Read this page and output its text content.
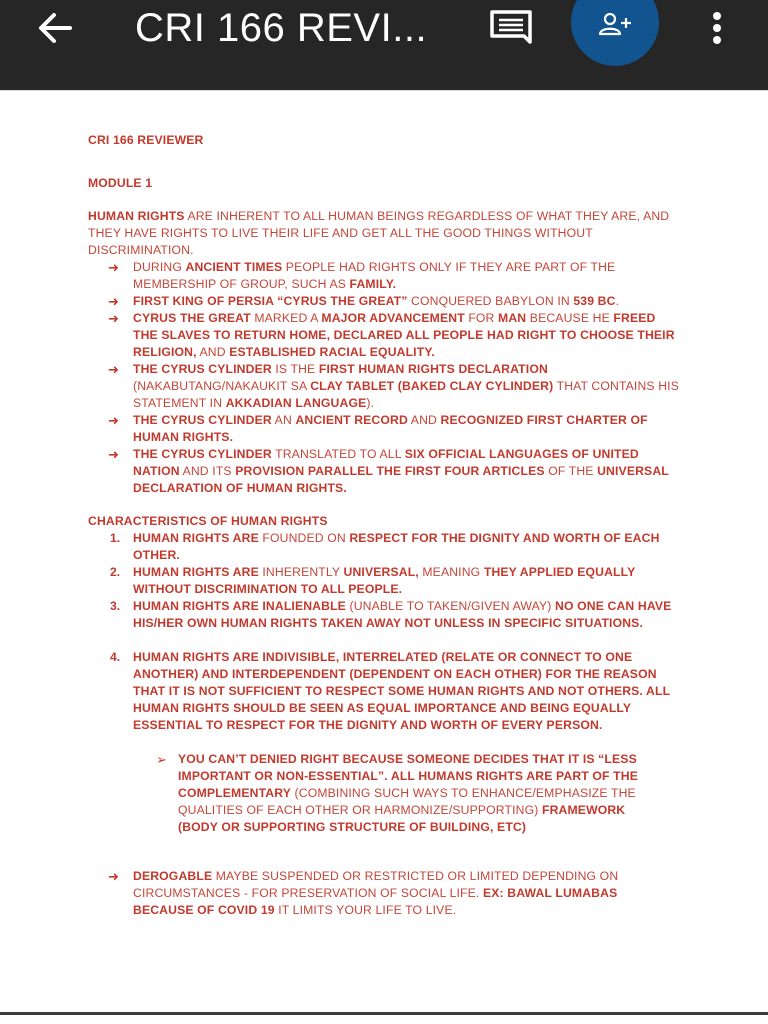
CRI 166 REVI...
CRI 166 REVIEWER
MODULE 1

HUMAN RIGHTS ARE INHERENT TO ALL HUMAN BEINGS REGARDLESS OF WHAT THEY ARE, AND THEY HAVE RIGHTS TO LIVE THEIR LIFE AND GET ALL THE GOOD THINGS WITHOUT DISCRIMINATION.

➜ DURING ANCIENT TIMES PEOPLE HAD RIGHTS ONLY IF THEY ARE PART OF THE MEMBERSHIP OF GROUP, SUCH AS FAMILY.

➜ FIRST KING OF PERSIA “CYRUS THE GREAT” CONQUERED BABYLON IN 539 BC.

➜ CYRUS THE GREAT MARKED A MAJOR ADVANCEMENT FOR MAN BECAUSE HE FREED THE SLAVES TO RETURN HOME, DECLARED ALL PEOPLE HAD RIGHT TO CHOOSE THEIR RELIGION, AND ESTABLISHED RACIAL EQUALITY.

➜ THE CYRUS CYLINDER IS THE FIRST HUMAN RIGHTS DECLARATION (NAKABUTANG/NAKAUKIT SA CLAY TABLET (BAKED CLAY CYLINDER) THAT CONTAINS HIS STATEMENT IN AKKADIAN LANGUAGE).

➜ THE CYRUS CYLINDER AN ANCIENT RECORD AND RECOGNIZED FIRST CHARTER OF HUMAN RIGHTS.

➜ THE CYRUS CYLINDER TRANSLATED TO ALL SIX OFFICIAL LANGUAGES OF UNITED NATION AND ITS PROVISION PARALLEL THE FIRST FOUR ARTICLES OF THE UNIVERSAL DECLARATION OF HUMAN RIGHTS.

CHARACTERISTICS OF HUMAN RIGHTS
1. HUMAN RIGHTS ARE FOUNDED ON RESPECT FOR THE DIGNITY AND WORTH OF EACH OTHER.

2. HUMAN RIGHTS ARE INHERENTLY UNIVERSAL, MEANING THEY APPLIED EQUALLY WITHOUT DISCRIMINATION TO ALL PEOPLE.

3. HUMAN RIGHTS ARE INALIENABLE (UNABLE TO TAKEN/GIVEN AWAY) NO ONE CAN HAVE HIS/HER OWN HUMAN RIGHTS TAKEN AWAY NOT UNLESS IN SPECIFIC SITUATIONS.

4. HUMAN RIGHTS ARE INDIVISIBLE, INTERRELATED (RELATE OR CONNECT TO ONE ANOTHER) AND INTERDEPENDENT (DEPENDENT ON EACH OTHER) FOR THE REASON THAT IT IS NOT SUFFICIENT TO RESPECT SOME HUMAN RIGHTS AND NOT OTHERS. ALL HUMAN RIGHTS SHOULD BE SEEN AS EQUAL IMPORTANCE AND BEING EQUALLY ESSENTIAL TO RESPECT FOR THE DIGNITY AND WORTH OF EVERY PERSON.

➢ YOU CAN’T DENIED RIGHT BECAUSE SOMEONE DECIDES THAT IT IS “LESS IMPORTANT OR NON-ESSENTIAL”. ALL HUMANS RIGHTS ARE PART OF THE COMPLEMENTARY (COMBINING SUCH WAYS TO ENHANCE/EMPHASIZE THE QUALITIES OF EACH OTHER OR HARMONIZE/SUPPORTING) FRAMEWORK (BODY OR SUPPORTING STRUCTURE OF BUILDING, ETC)

➜ DEROGABLE MAYBE SUSPENDED OR RESTRICTED OR LIMITED DEPENDING ON CIRCUMSTANCES - FOR PRESERVATION OF SOCIAL LIFE. EX: BAWAL LUMABAS BECAUSE OF COVID 19 IT LIMITS YOUR LIFE TO LIVE.
